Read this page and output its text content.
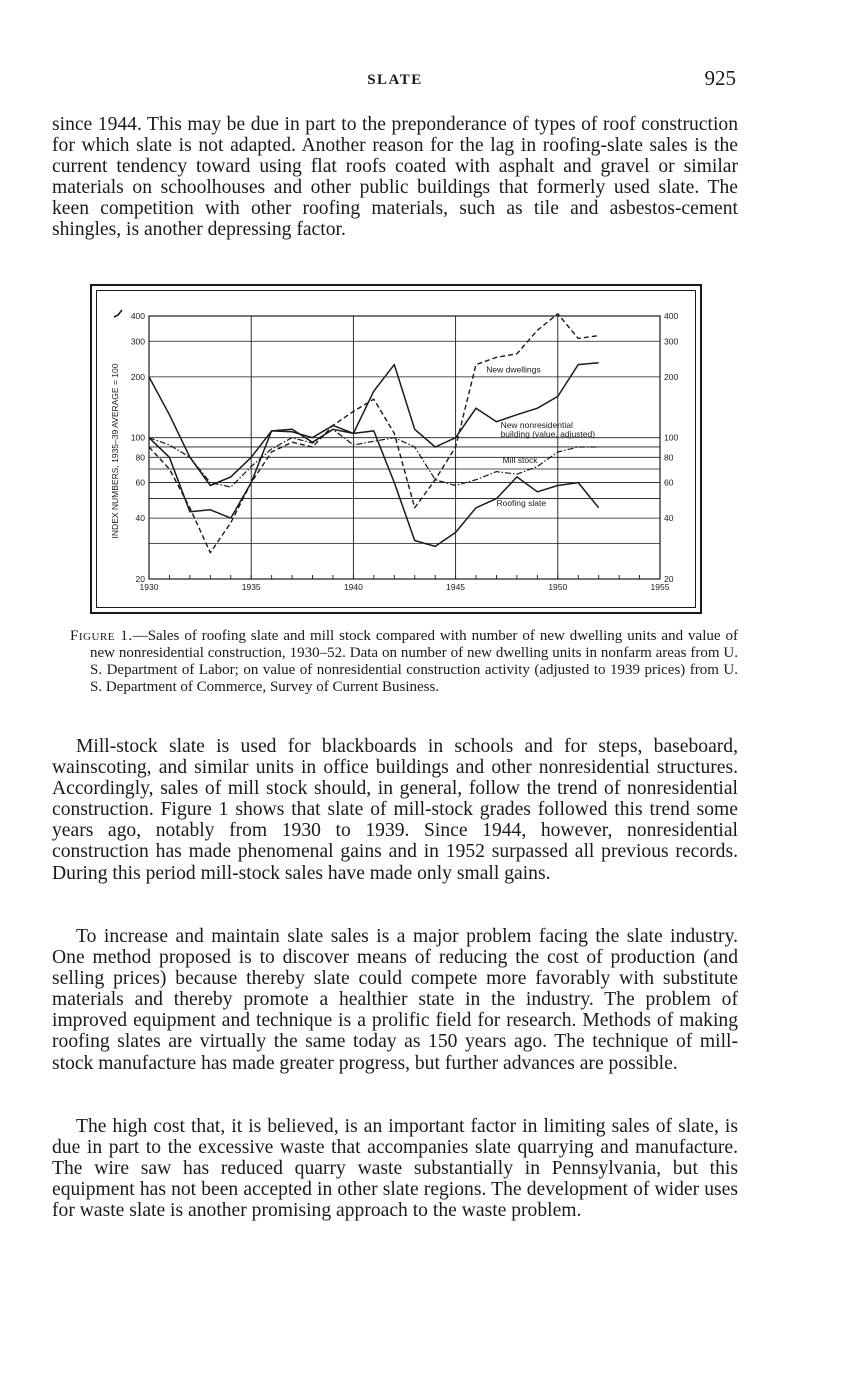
SLATE	925

since 1944. This may be due in part to the preponderance of types of roof construction for which slate is not adapted. Another reason for the lag in roofing-slate sales is the current tendency toward using flat roofs coated with asphalt and gravel or similar materials on schoolhouses and other public buildings that formerly used slate. The keen competition with other roofing materials, such as tile and asbestos-cement shingles, is another depressing factor.

1930	1935	1940	1945	1950	1955
20	20
40	40
60	60
80	80
100	100
200	200
300	300
400	400
New dwellings
New nonresidential
building (value, adjusted)
Mill stock
Roofing slate
INDEX NUMBERS, 1935–39 AVERAGE = 100

Figure 1.—Sales of roofing slate and mill stock compared with number of new dwelling units and value of new nonresidential construction, 1930–52. Data on number of new dwelling units in nonfarm areas from U. S. Department of Labor; on value of nonresidential construction activity (adjusted to 1939 prices) from U. S. Department of Commerce, Survey of Current Business.

Mill-stock slate is used for blackboards in schools and for steps, baseboard, wainscoting, and similar units in office buildings and other nonresidential structures. Accordingly, sales of mill stock should, in general, follow the trend of nonresidential construction. Figure 1 shows that slate of mill-stock grades followed this trend some years ago, notably from 1930 to 1939. Since 1944, however, nonresidential construction has made phenomenal gains and in 1952 surpassed all previous records. During this period mill-stock sales have made only small gains.

To increase and maintain slate sales is a major problem facing the slate industry. One method proposed is to discover means of reducing the cost of production (and selling prices) because thereby slate could compete more favorably with substitute materials and thereby promote a healthier state in the industry. The problem of improved equipment and technique is a prolific field for research. Methods of making roofing slates are virtually the same today as 150 years ago. The technique of mill-stock manufacture has made greater progress, but further advances are possible.

The high cost that, it is believed, is an important factor in limiting sales of slate, is due in part to the excessive waste that accompanies slate quarrying and manufacture. The wire saw has reduced quarry waste substantially in Pennsylvania, but this equipment has not been accepted in other slate regions. The development of wider uses for waste slate is another promising approach to the waste problem.
